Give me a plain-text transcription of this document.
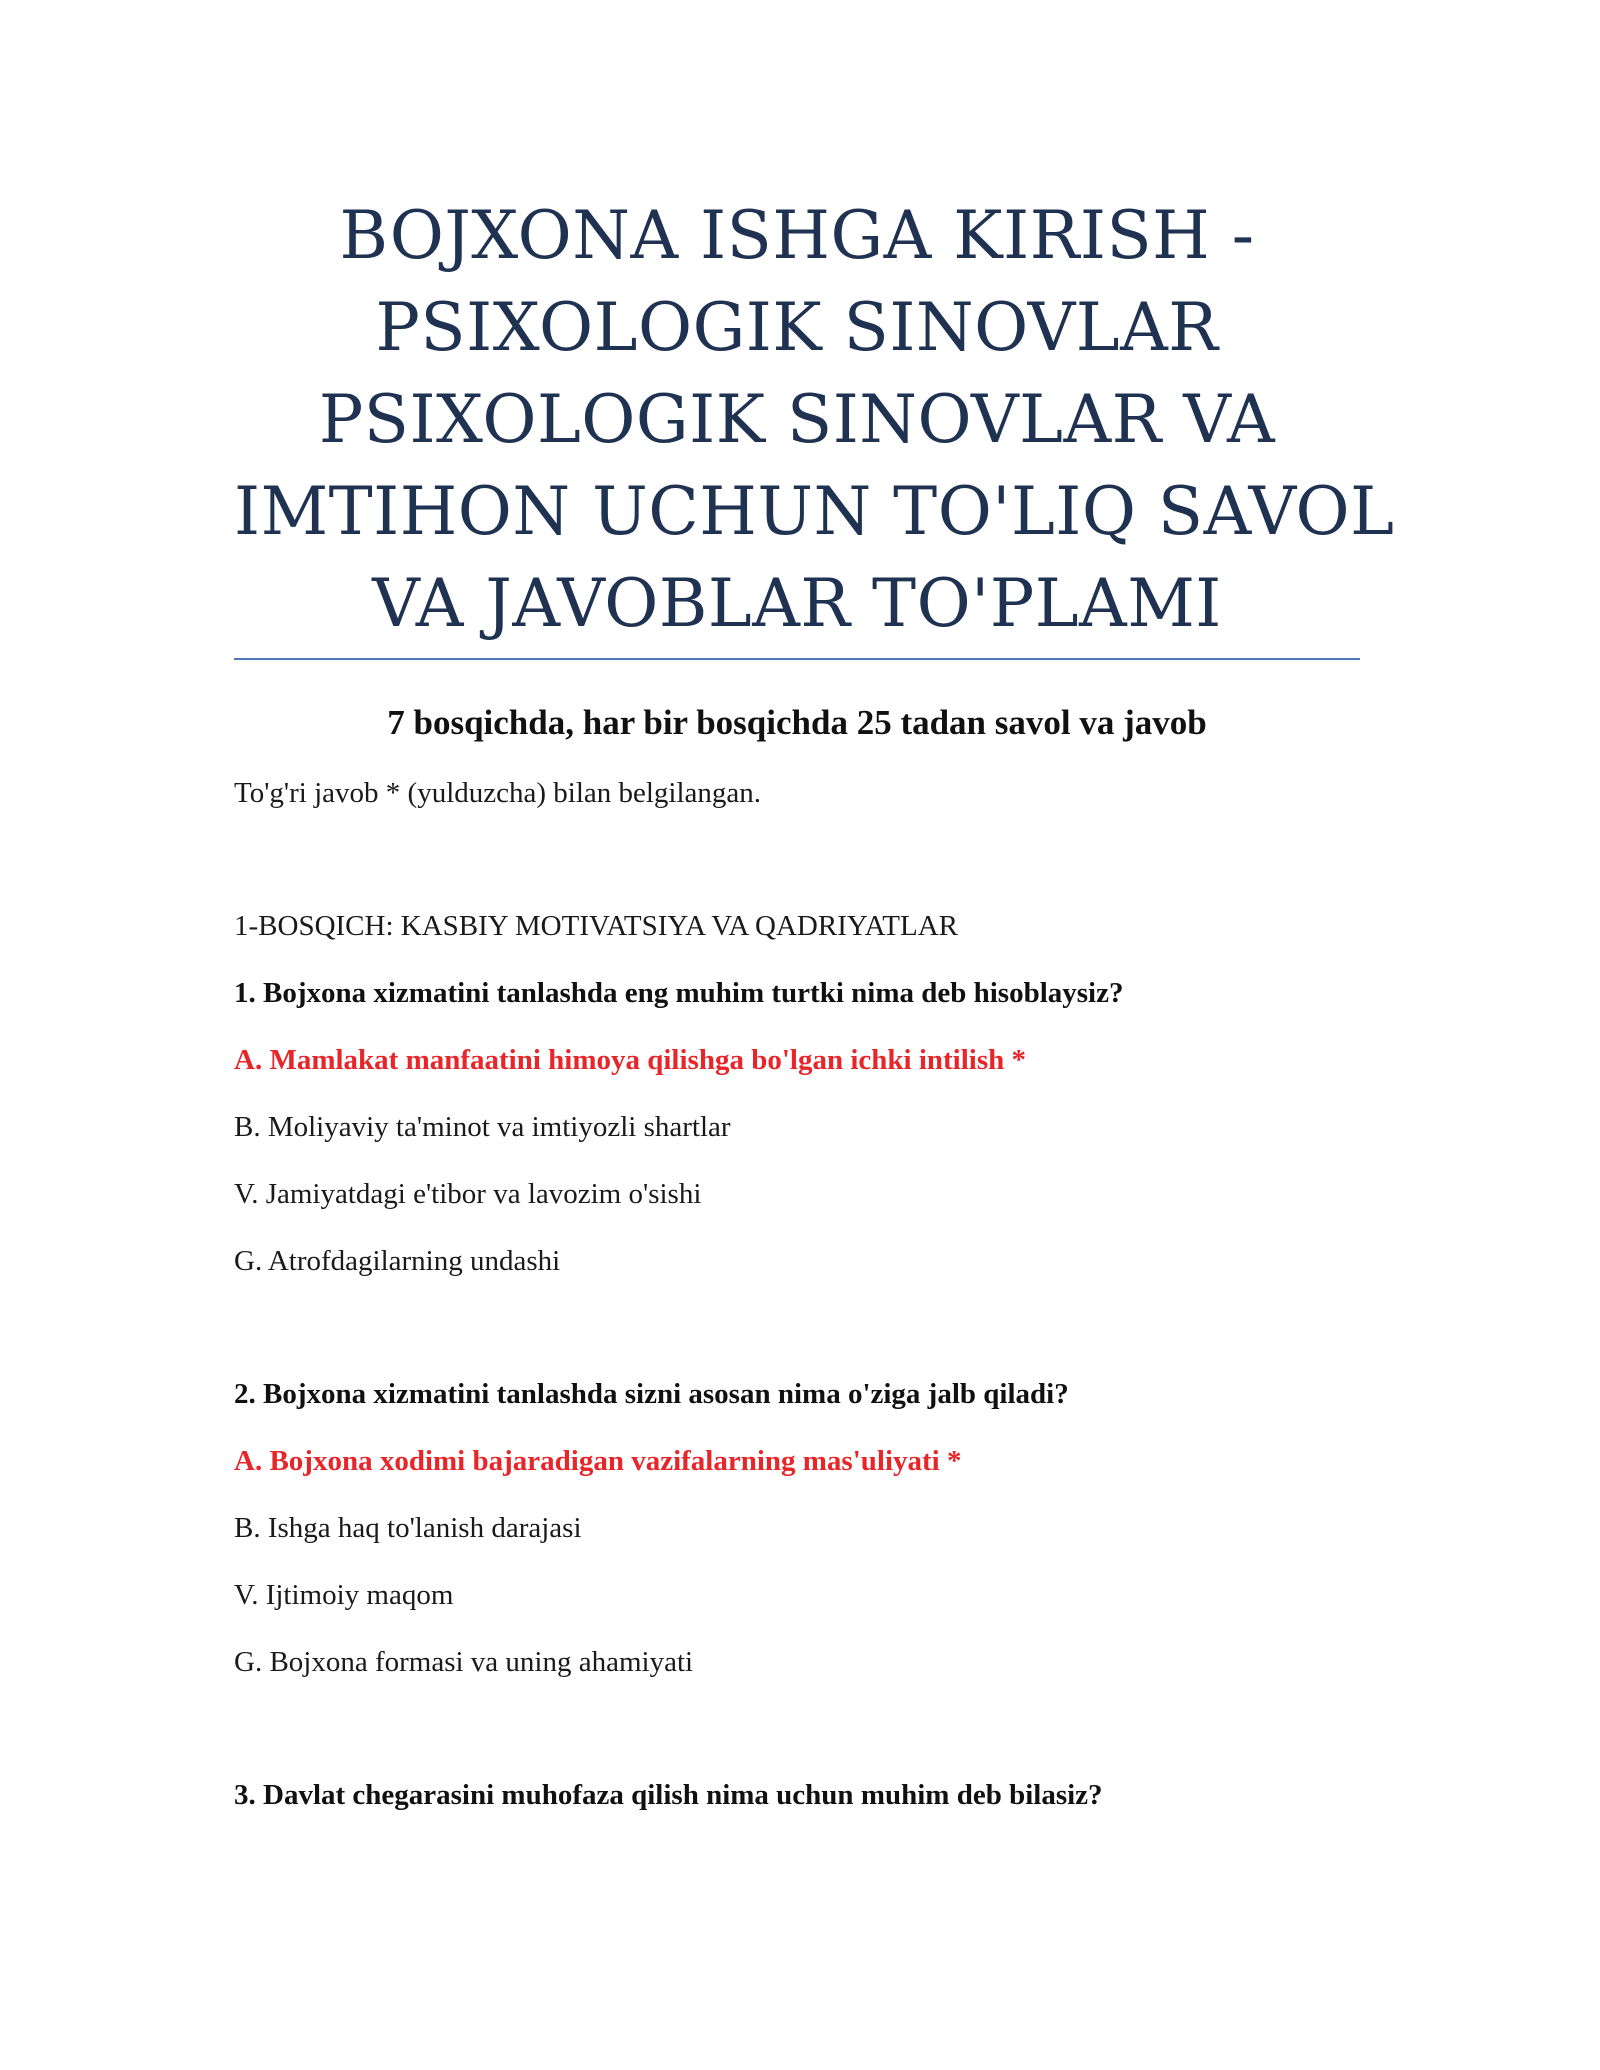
BOJXONA ISHGA KIRISH -
PSIXOLOGIK SINOVLAR
PSIXOLOGIK SINOVLAR VA
IMTIHON UCHUN TO'LIQ SAVOL
VA JAVOBLAR TO'PLAMI
7 bosqichda, har bir bosqichda 25 tadan savol va javob
To'g'ri javob * (yulduzcha) bilan belgilangan.
1-BOSQICH: KASBIY MOTIVATSIYA VA QADRIYATLAR
1. Bojxona xizmatini tanlashda eng muhim turtki nima deb hisoblaysiz?
A. Mamlakat manfaatini himoya qilishga bo'lgan ichki intilish *
B. Moliyaviy ta'minot va imtiyozli shartlar
V. Jamiyatdagi e'tibor va lavozim o'sishi
G. Atrofdagilarning undashi
2. Bojxona xizmatini tanlashda sizni asosan nima o'ziga jalb qiladi?
A. Bojxona xodimi bajaradigan vazifalarning mas'uliyati *
B. Ishga haq to'lanish darajasi
V. Ijtimoiy maqom
G. Bojxona formasi va uning ahamiyati
3. Davlat chegarasini muhofaza qilish nima uchun muhim deb bilasiz?
